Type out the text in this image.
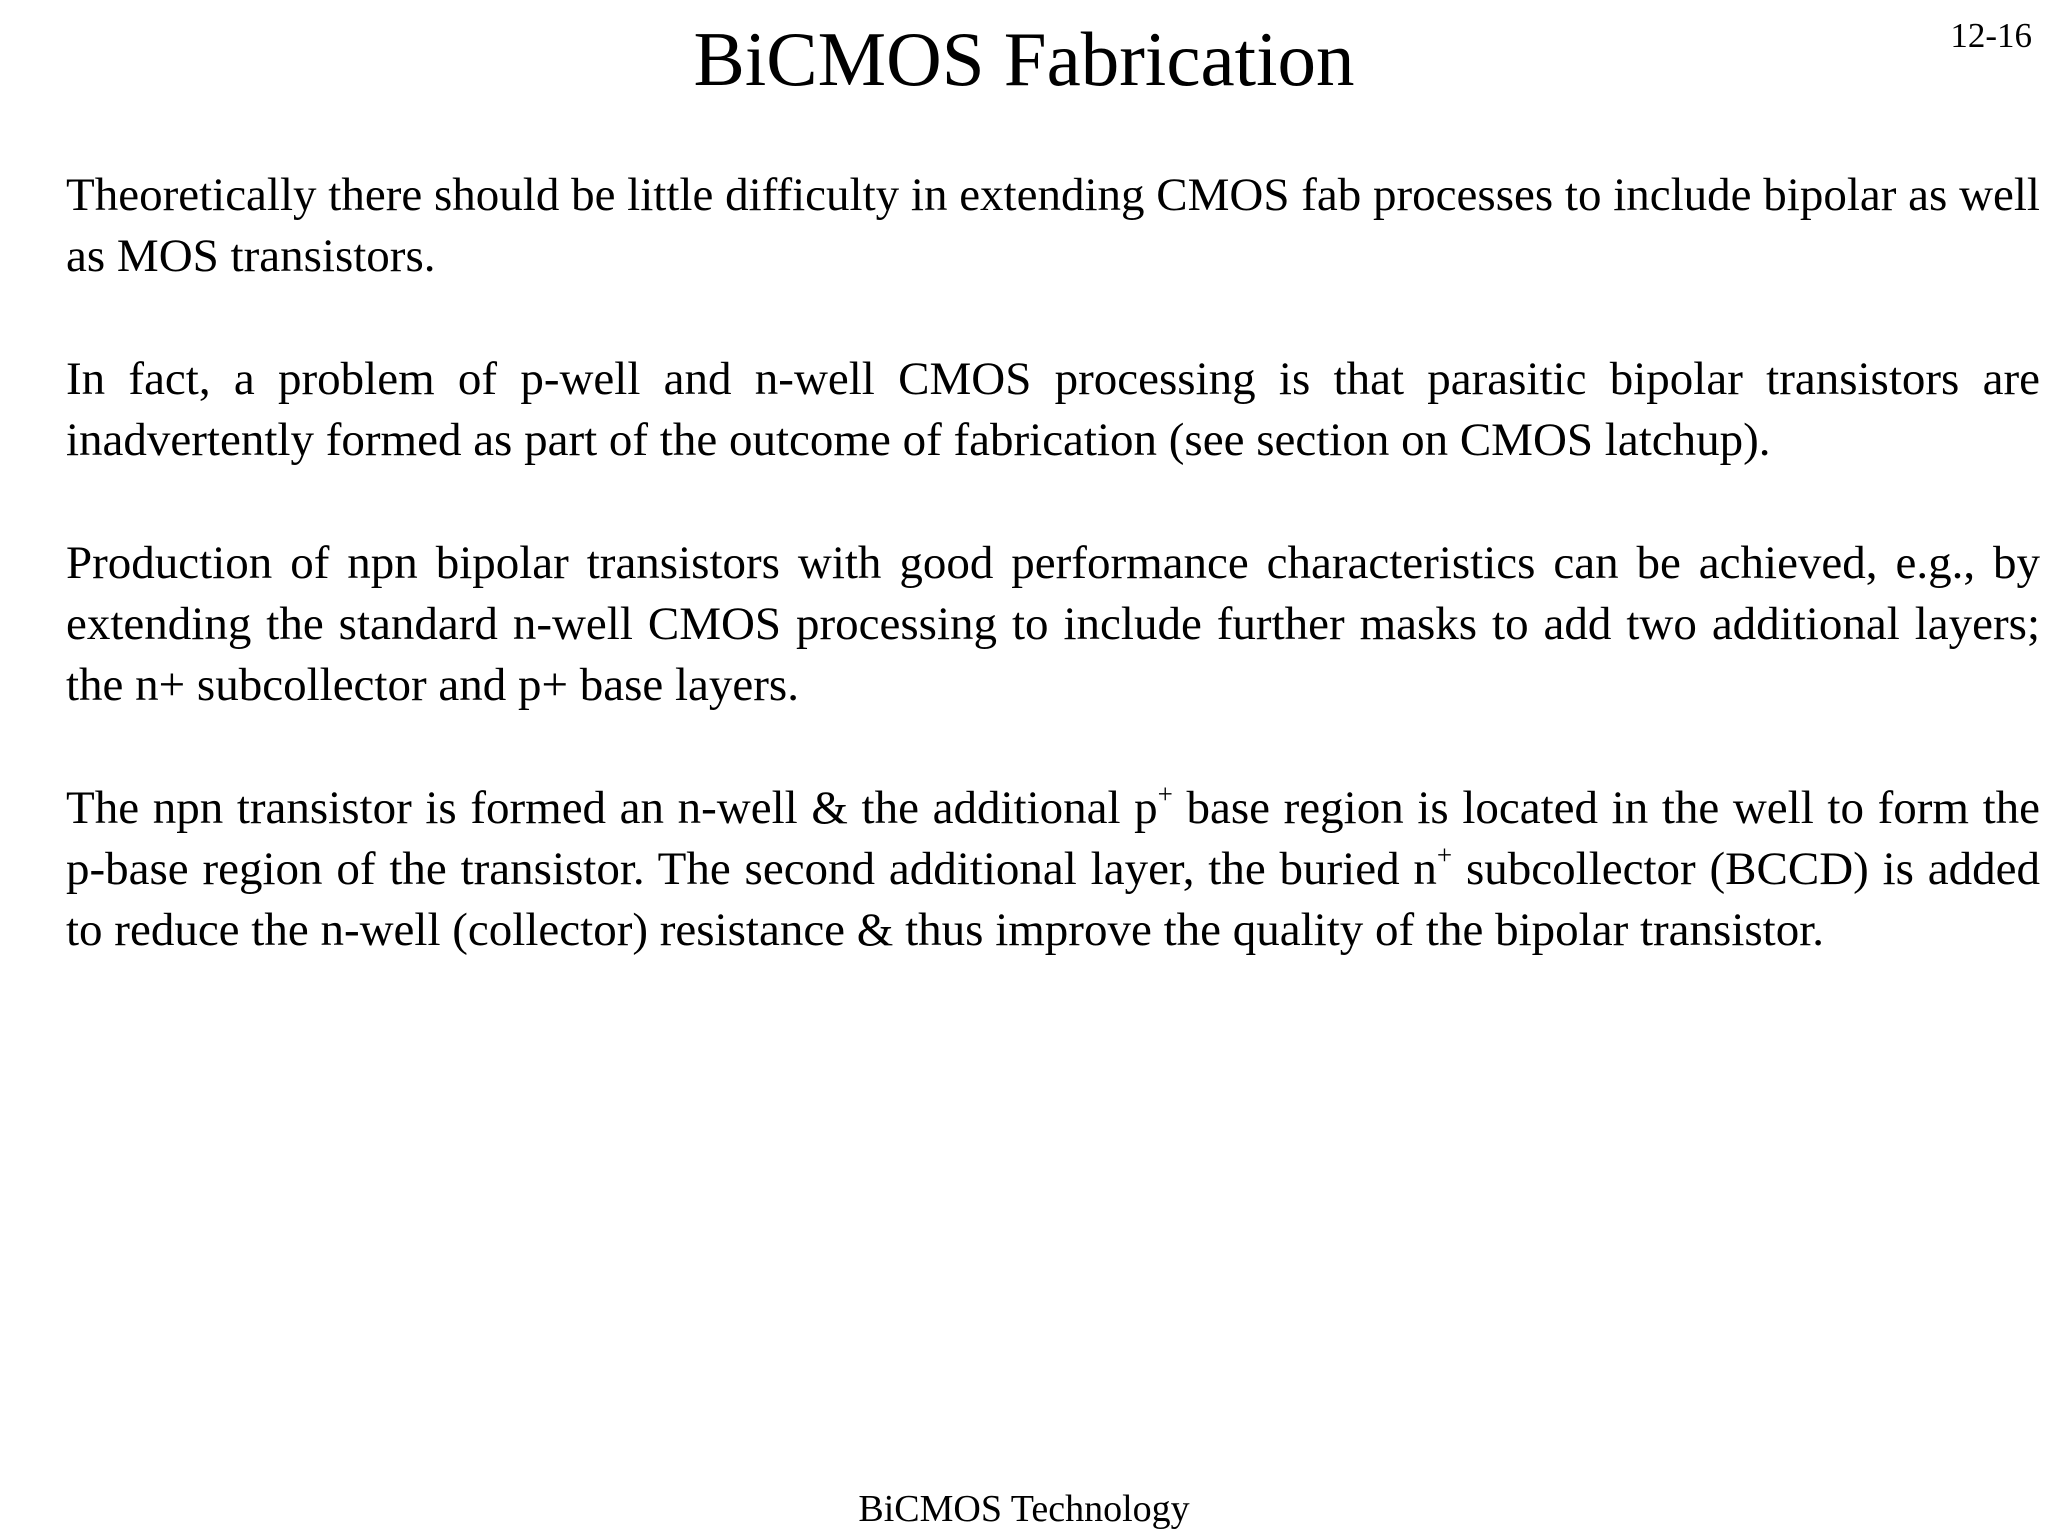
BiCMOS Fabrication	12-16

Theoretically there should be little difficulty in extending CMOS fab processes to include bipolar as well as MOS transistors.

In fact, a problem of p-well and n-well CMOS processing is that parasitic bipolar transistors are inadvertently formed as part of the outcome of fabrication (see section on CMOS latchup).

Production of npn bipolar transistors with good performance characteristics can be achieved, e.g., by extending the standard n-well CMOS processing to include further masks to add two additional layers; the n+ subcollector and p+ base layers.

The npn transistor is formed an n-well & the additional p+ base region is located in the well to form the p-base region of the transistor. The second additional layer, the buried n+ subcollector (BCCD) is added to reduce the n-well (collector) resistance & thus improve the quality of the bipolar transistor.

BiCMOS Technology
